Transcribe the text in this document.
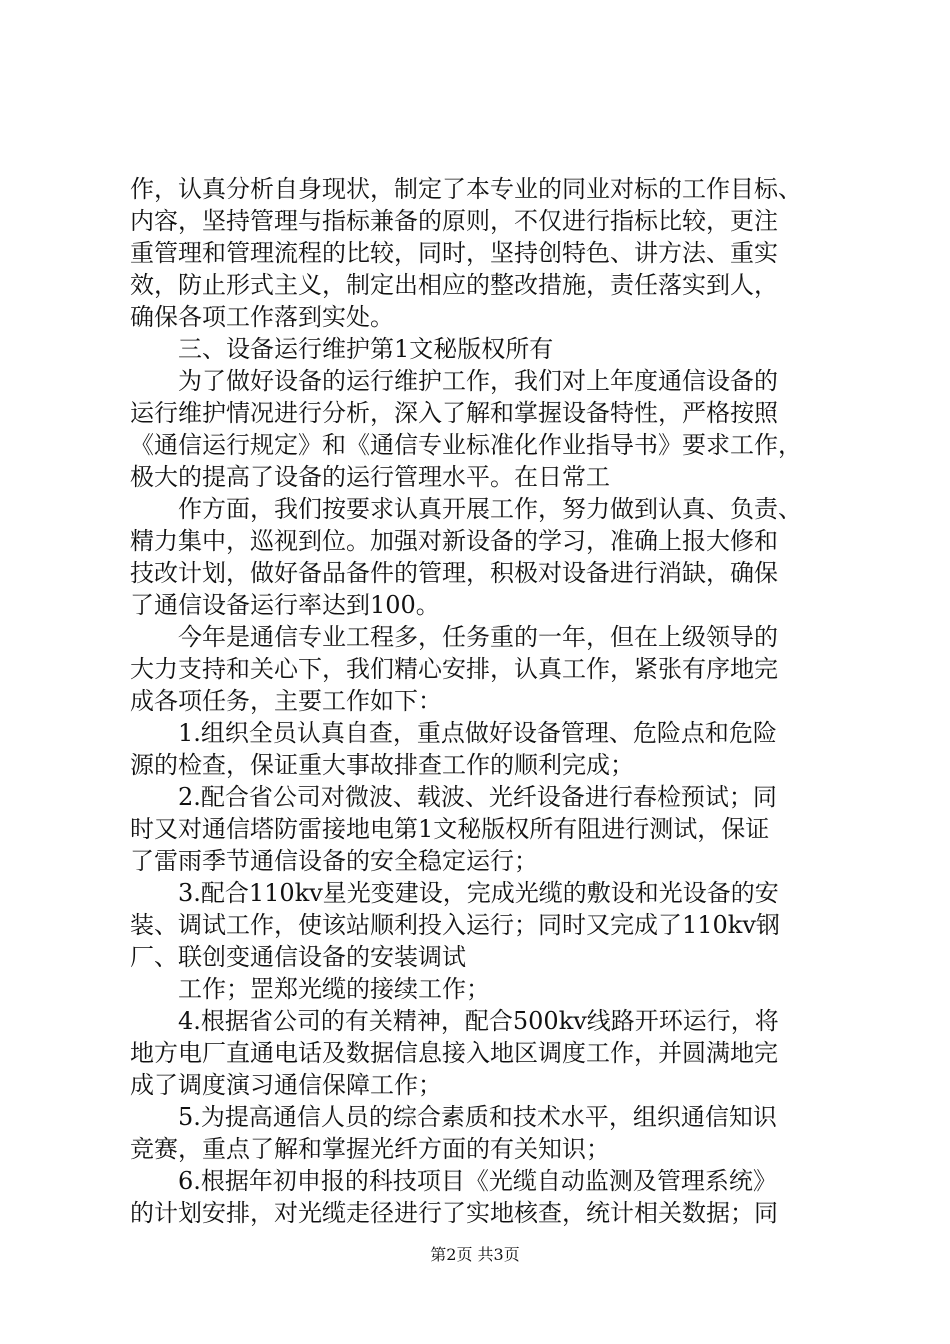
作，认真分析自身现状，制定了本专业的同业对标的工作目标、
内容，坚持管理与指标兼备的原则，不仅进行指标比较，更注
重管理和管理流程的比较，同时，坚持创特色、讲方法、重实
效，防止形式主义，制定出相应的整改措施，责任落实到人，
确保各项工作落到实处。
三、设备运行维护第1文秘版权所有
为了做好设备的运行维护工作，我们对上年度通信设备的
运行维护情况进行分析，深入了解和掌握设备特性，严格按照
《通信运行规定》和《通信专业标准化作业指导书》要求工作，
极大的提高了设备的运行管理水平。在日常工
作方面，我们按要求认真开展工作，努力做到认真、负责、
精力集中，巡视到位。加强对新设备的学习，准确上报大修和
技改计划，做好备品备件的管理，积极对设备进行消缺，确保
了通信设备运行率达到100。
今年是通信专业工程多，任务重的一年，但在上级领导的
大力支持和关心下，我们精心安排，认真工作，紧张有序地完
成各项任务，主要工作如下：
1.组织全员认真自查，重点做好设备管理、危险点和危险
源的检查，保证重大事故排查工作的顺利完成；
2.配合省公司对微波、载波、光纤设备进行春检预试；同
时又对通信塔防雷接地电第1文秘版权所有阻进行测试，保证
了雷雨季节通信设备的安全稳定运行；
3.配合110kv星光变建设，完成光缆的敷设和光设备的安
装、调试工作，使该站顺利投入运行；同时又完成了110kv钢
厂、联创变通信设备的安装调试
工作；罡郑光缆的接续工作；
4.根据省公司的有关精神，配合500kv线路开环运行，将
地方电厂直通电话及数据信息接入地区调度工作，并圆满地完
成了调度演习通信保障工作；
5.为提高通信人员的综合素质和技术水平，组织通信知识
竞赛，重点了解和掌握光纤方面的有关知识；
6.根据年初申报的科技项目《光缆自动监测及管理系统》
的计划安排，对光缆走径进行了实地核查，统计相关数据；同
第2页 共3页
